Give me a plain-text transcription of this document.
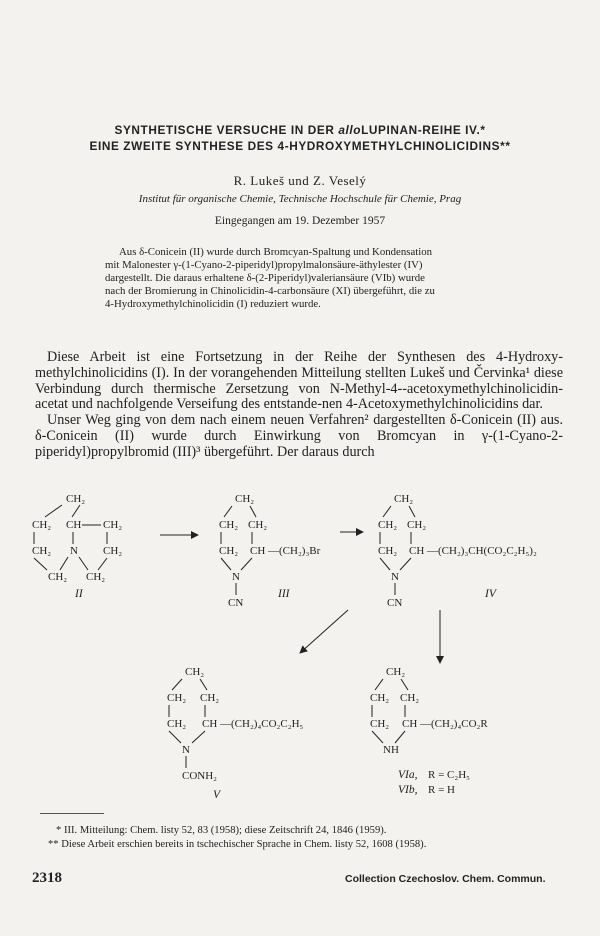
SYNTHETISCHE VERSUCHE IN DER alloLUPINAN-REIHE IV.*
EINE ZWEITE SYNTHESE DES 4-HYDROXYMETHYLCHINOLICIDINS**
R. Lukeš und Z. Veselý
Institut für organische Chemie, Technische Hochschule für Chemie, Prag
Eingegangen am 19. Dezember 1957
Aus δ-Conicein (II) wurde durch Bromcyan-Spaltung und Kondensation
mit Malonester γ-(1-Cyano-2-piperidyl)propylmalonsäure-äthylester (IV)
dargestellt. Die daraus erhaltene δ-(2-Piperidyl)valeriansäure (VIb) wurde
nach der Bromierung in Chinolicidin-4-carbonsäure (XI) übergeführt, die zu
4-Hydroxymethylchinolicidin (I) reduziert wurde.

Diese Arbeit ist eine Fortsetzung in der Reihe der Synthesen des 4-Hydroxy-methylchinolicidins (I). In der vorangehenden Mitteilung stellten Lukeš und Červinka¹ diese Verbindung durch thermische Zersetzung von N-Methyl-4--acetoxymethylchinolicidin-acetat und nachfolgende Verseifung des entstande-nen 4-Acetoxymethylchinolicidins dar.

Unser Weg ging von dem nach einem neuen Verfahren² dargestellten δ-Conicein (II) aus. δ-Conicein (II) wurde durch Einwirkung von Bromcyan in γ-(1-Cyano-2-piperidyl)propylbromid (III)³ übergeführt. Der daraus durch

CH₂
CH₂ CH CH₂
CH₂ N CH₂
CH₂ CH₂
II
CH₂
CH₂ CH₂
CH₂ CH —(CH₂)₃Br
N
CN
III
CH₂
CH₂ CH₂
CH₂ CH —(CH₂)₃CH(CO₂C₂H₅)₂
N
CN
IV
CH₂
CH₂ CH₂
CH₂ CH —(CH₂)₄CO₂C₂H₅
N
CONH₂
V
CH₂
CH₂ CH₂
CH₂ CH —(CH₂)₄CO₂R
NH
VIa, R = C₂H₅
VIb, R = H
* III. Mitteilung: Chem. listy 52, 83 (1958); diese Zeitschrift 24, 1846 (1959).
** Diese Arbeit erschien bereits in tschechischer Sprache in Chem. listy 52, 1608 (1958).
2318	Collection Czechoslov. Chem. Commun.
